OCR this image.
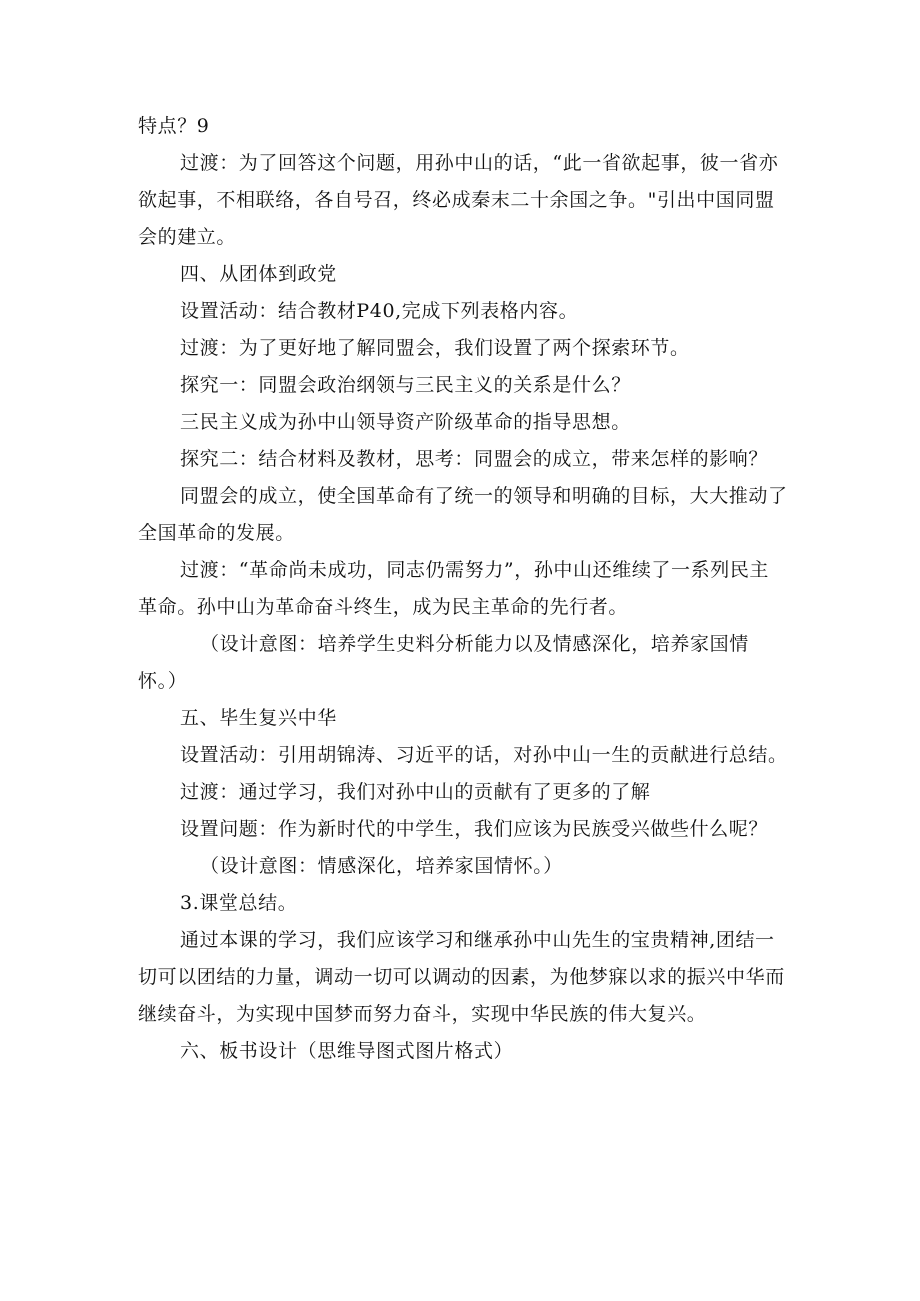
特点？9

过渡：为了回答这个问题，用孙中山的话，“此一省欲起事，彼一省亦欲起事，不相联络，各自号召，终必成秦末二十余国之争。"引出中国同盟会的建立。

四、从团体到政党

设置活动：结合教材P40,完成下列表格内容。

过渡：为了更好地了解同盟会，我们设置了两个探索环节。

探究一：同盟会政治纲领与三民主义的关系是什么？

三民主义成为孙中山领导资产阶级革命的指导思想。

探究二：结合材料及教材，思考：同盟会的成立，带来怎样的影响？

同盟会的成立，使全国革命有了统一的领导和明确的目标，大大推动了全国革命的发展。

过渡：“革命尚未成功，同志仍需努力”，孙中山还维续了一系列民主革命。孙中山为革命奋斗终生，成为民主革命的先行者。

（设计意图：培养学生史料分析能力以及情感深化，培养家国情怀。）

五、毕生复兴中华

设置活动：引用胡锦涛、习近平的话，对孙中山一生的贡献进行总结。

过渡：通过学习，我们对孙中山的贡献有了更多的了解

设置问题：作为新时代的中学生，我们应该为民族受兴做些什么呢？

（设计意图：情感深化，培养家国情怀。）

3.课堂总结。

通过本课的学习，我们应该学习和继承孙中山先生的宝贵精神,团结一切可以团结的力量，调动一切可以调动的因素，为他梦寐以求的振兴中华而继续奋斗，为实现中国梦而努力奋斗，实现中华民族的伟大复兴。

六、板书设计（思维导图式图片格式）
